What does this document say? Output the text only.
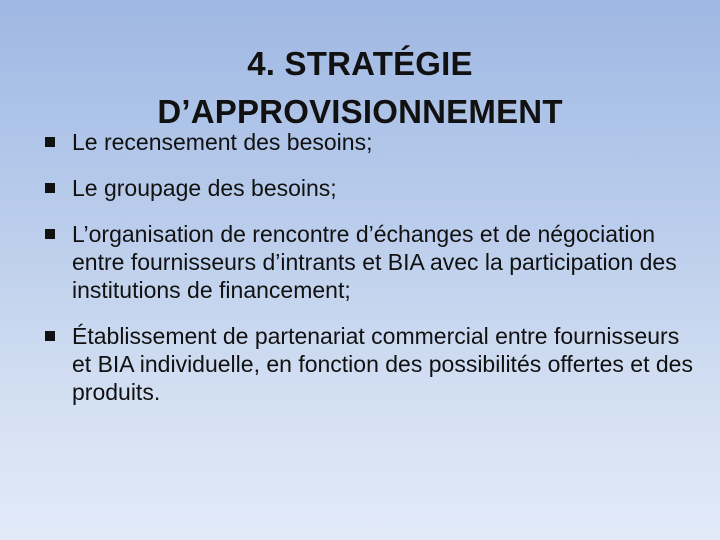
4. STRATÉGIE
D’APPROVISIONNEMENT
Le recensement des besoins;
Le groupage des besoins;
L’organisation de rencontre d’échanges et de négociation entre fournisseurs d’intrants et BIA avec la participation des institutions de financement;
Établissement de partenariat commercial entre fournisseurs et BIA individuelle, en fonction des possibilités offertes et des produits.
